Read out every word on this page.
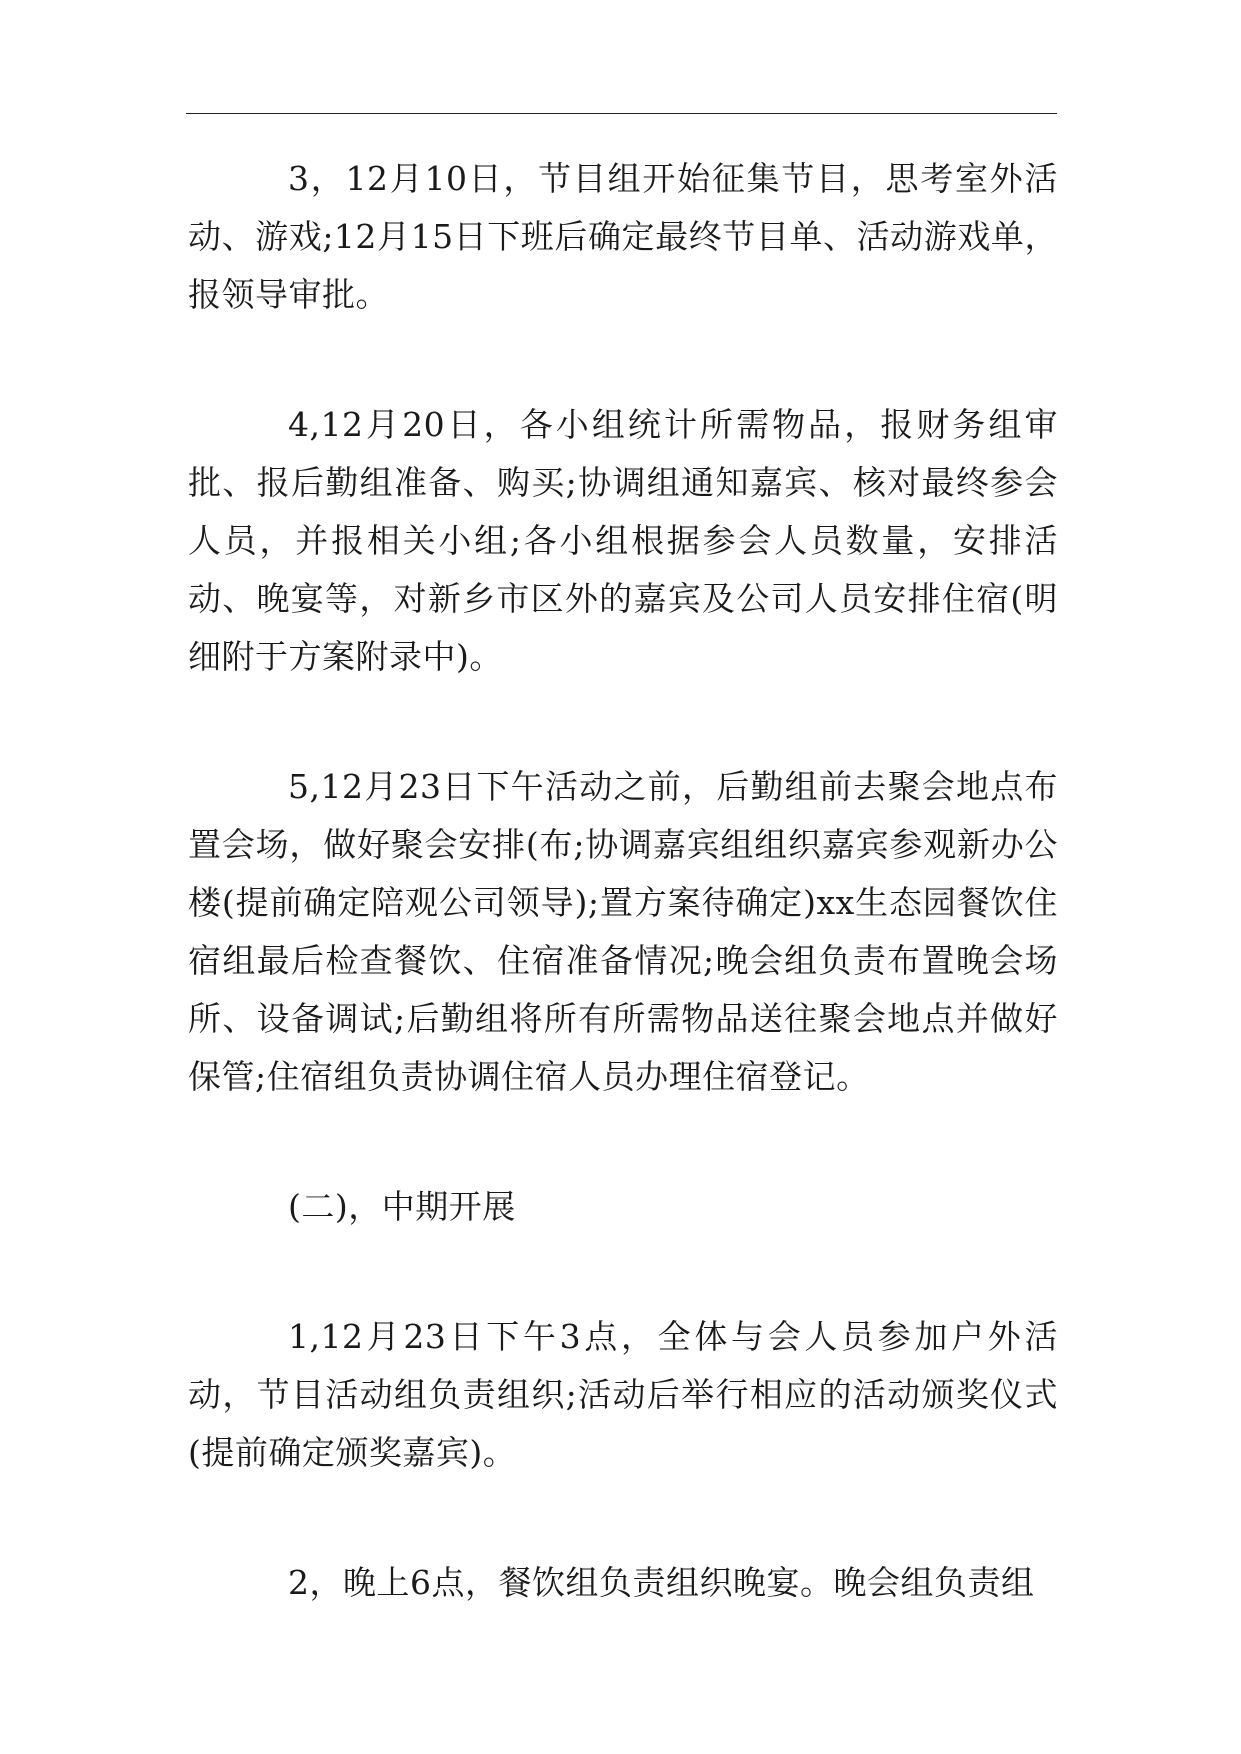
3，12月10日，节目组开始征集节目，思考室外活动、游戏;12月15日下班后确定最终节目单、活动游戏单，报领导审批。

4,12月20日，各小组统计所需物品，报财务组审批、报后勤组准备、购买;协调组通知嘉宾、核对最终参会人员，并报相关小组;各小组根据参会人员数量，安排活动、晚宴等，对新乡市区外的嘉宾及公司人员安排住宿(明细附于方案附录中)。

5,12月23日下午活动之前，后勤组前去聚会地点布置会场，做好聚会安排(布;协调嘉宾组组织嘉宾参观新办公楼(提前确定陪观公司领导);置方案待确定)xx生态园餐饮住宿组最后检查餐饮、住宿准备情况;晚会组负责布置晚会场所、设备调试;后勤组将所有所需物品送往聚会地点并做好保管;住宿组负责协调住宿人员办理住宿登记。

(二)，中期开展

1,12月23日下午3点，全体与会人员参加户外活动，节目活动组负责组织;活动后举行相应的活动颁奖仪式(提前确定颁奖嘉宾)。

2，晚上6点，餐饮组负责组织晚宴。晚会组负责组
